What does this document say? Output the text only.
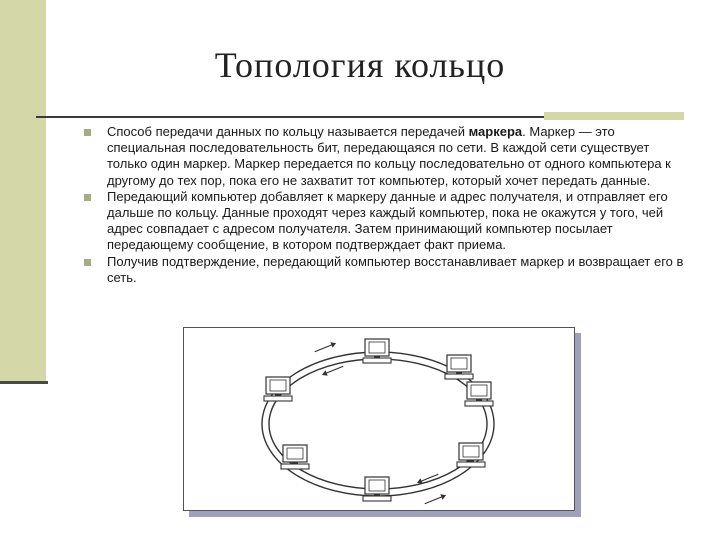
Топология кольцо
Способ передачи данных по кольцу называется передачей маркера. Маркер — это специальная последовательность бит, передающаяся по сети. В каждой сети существует только один маркер. Маркер передается по кольцу последовательно от одного компьютера к другому до тех пор, пока его не захватит тот компьютер, который хочет передать данные.
Передающий компьютер добавляет к маркеру данные и адрес получателя, и отправляет его дальше по кольцу. Данные проходят через каждый компьютер, пока не окажутся у того, чей адрес совпадает с адресом получателя. Затем принимающий компьютер посылает передающему сообщение, в котором подтверждает факт приема.
Получив подтверждение, передающий компьютер восстанавливает маркер и возвращает его в сеть.
